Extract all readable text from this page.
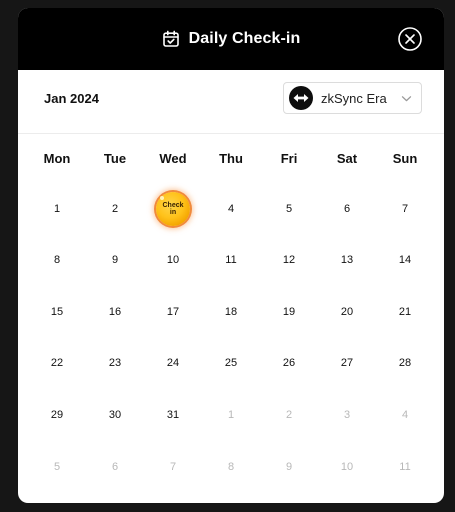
Daily Check-in
Jan 2024	zkSync Era
Mon	Tue	Wed	Thu	Fri	Sat	Sun
1	2	Check in	4	5	6	7
8	9	10	11	12	13	14
15	16	17	18	19	20	21
22	23	24	25	26	27	28
29	30	31	1	2	3	4
5	6	7	8	9	10	11
